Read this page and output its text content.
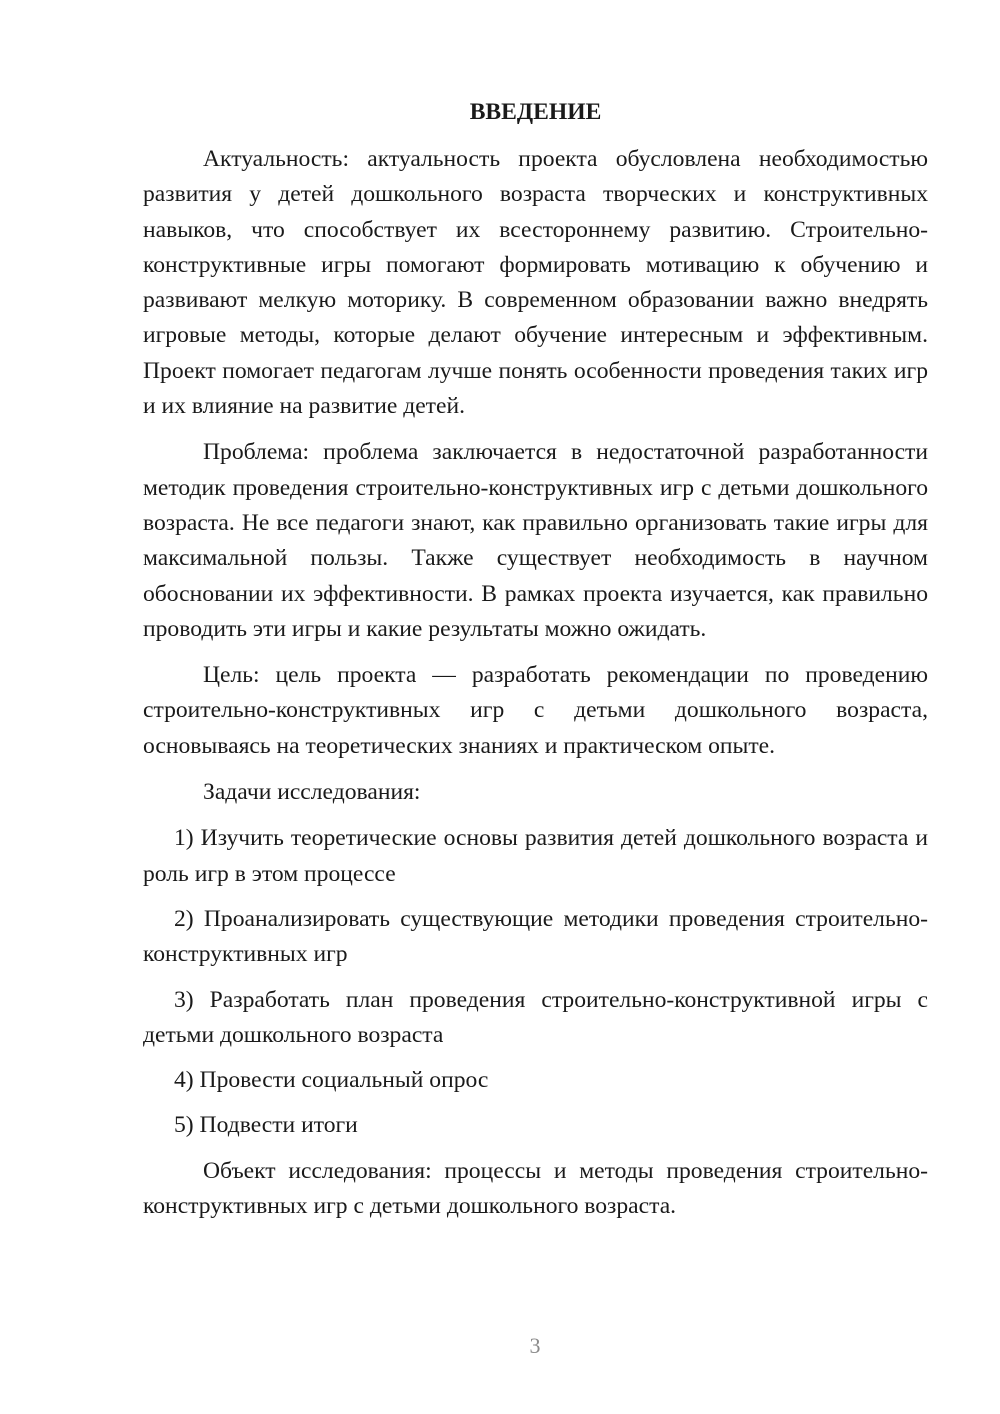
ВВЕДЕНИЕ

Актуальность: актуальность проекта обусловлена необходимостью развития у детей дошкольного возраста творческих и конструктивных навыков, что способствует их всестороннему развитию. Строительно-конструктивные игры помогают формировать мотивацию к обучению и развивают мелкую моторику. В современном образовании важно внедрять игровые методы, которые делают обучение интересным и эффективным. Проект помогает педагогам лучше понять особенности проведения таких игр и их влияние на развитие детей.

Проблема: проблема заключается в недостаточной разработанности методик проведения строительно-конструктивных игр с детьми дошкольного возраста. Не все педагоги знают, как правильно организовать такие игры для максимальной пользы. Также существует необходимость в научном обосновании их эффективности. В рамках проекта изучается, как правильно проводить эти игры и какие результаты можно ожидать.

Цель: цель проекта — разработать рекомендации по проведению строительно-конструктивных игр с детьми дошкольного возраста, основываясь на теоретических знаниях и практическом опыте.

Задачи исследования:

1) Изучить теоретические основы развития детей дошкольного возраста и роль игр в этом процессе

2) Проанализировать существующие методики проведения строительно-конструктивных игр

3) Разработать план проведения строительно-конструктивной игры с детьми дошкольного возраста

4) Провести социальный опрос

5) Подвести итоги

Объект исследования: процессы и методы проведения строительно-конструктивных игр с детьми дошкольного возраста.

3
